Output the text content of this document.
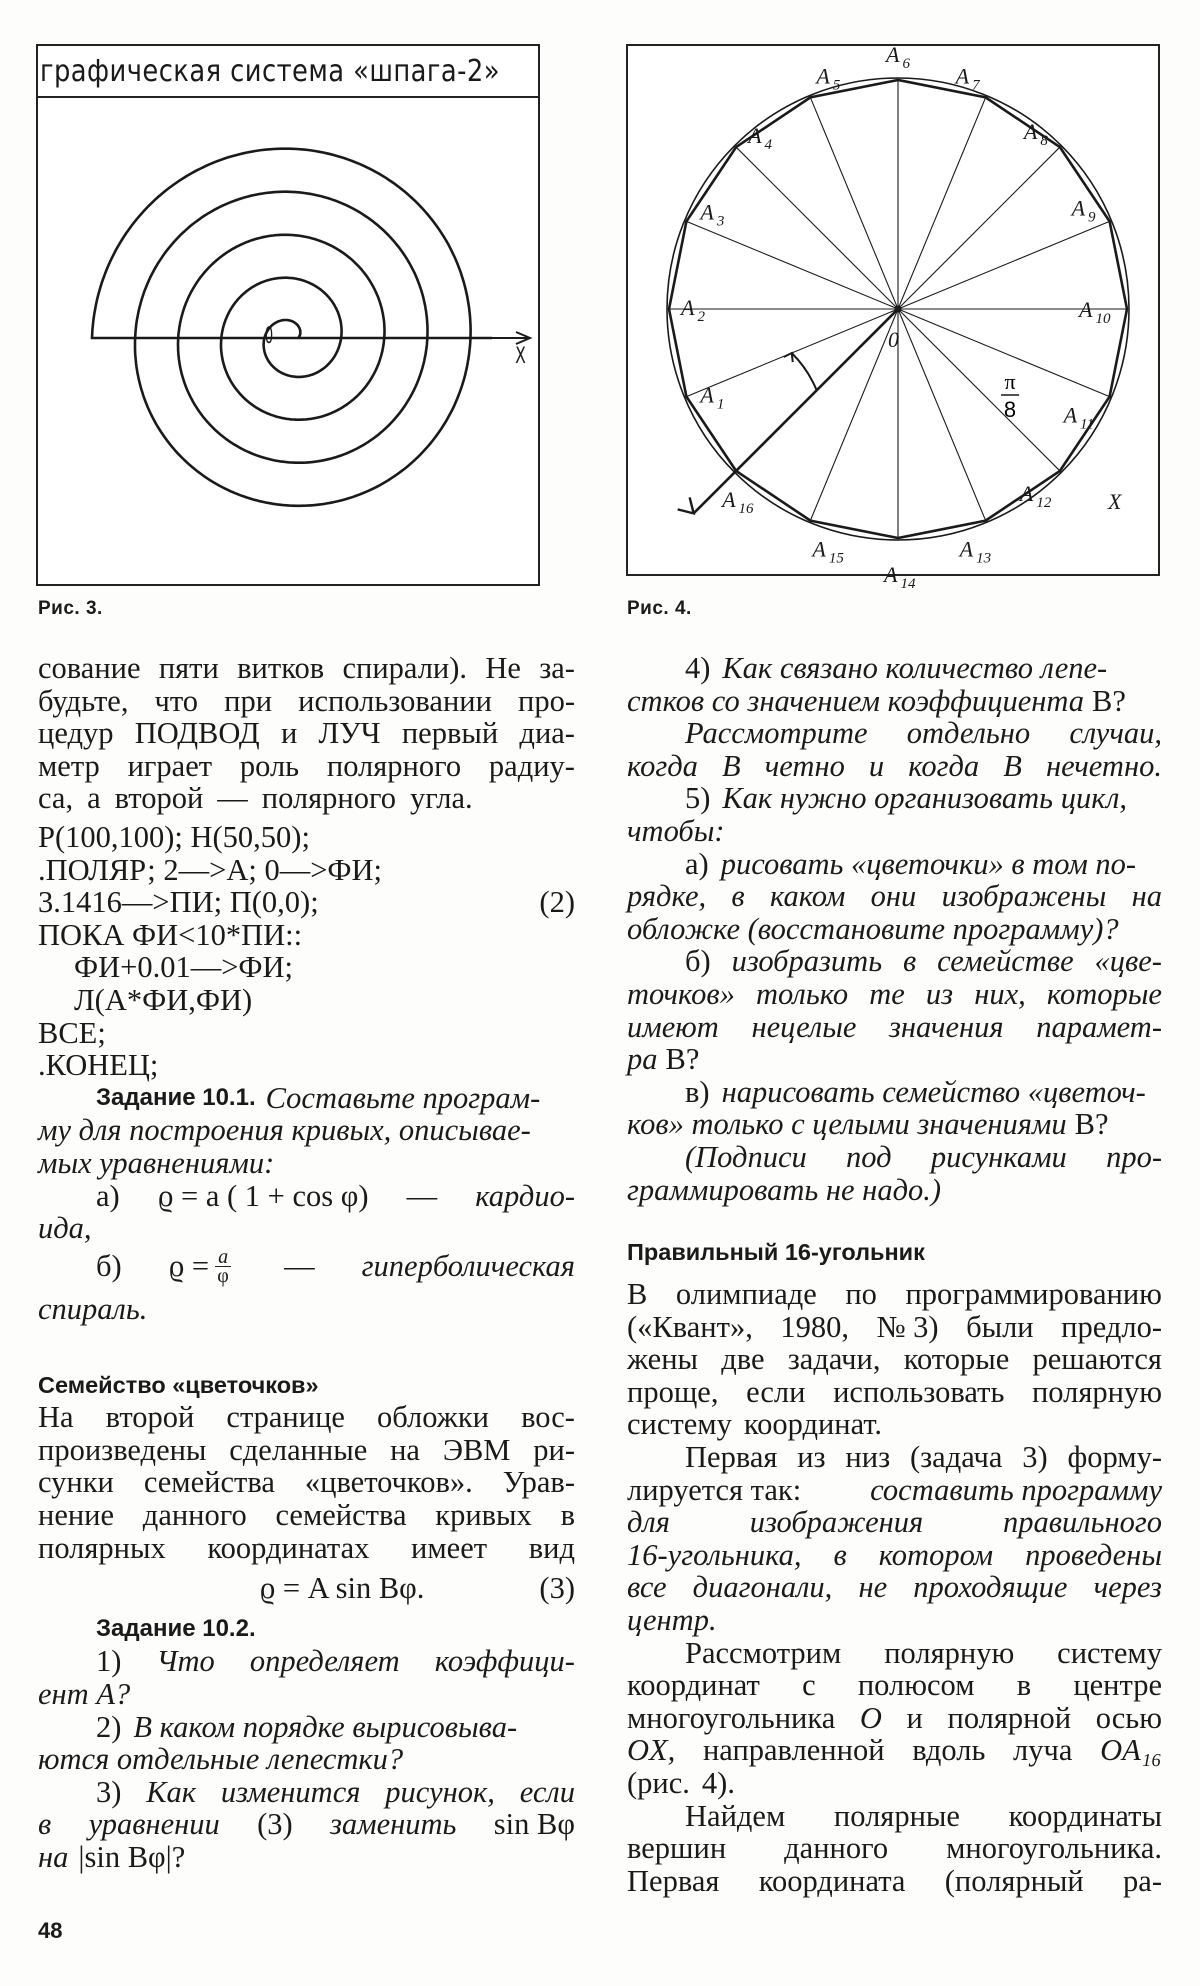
графическая система «шпага-2»
0
X
Рис. 3.
A $_1$
A $_2$
A $_3$
A $_4$
A $_5$
A $_6$ A $_7$
A $_8$
A $_9$
A $_{10}$
A $_{11}$
A $_{12}$
A $_{13}$
A $_{14}$
A $_{15}$
A $_{16}$
0
X
π
8
Рис. 4.
сование пяти витков спирали). Не за-
будьте, что при использовании про-
цедур ПОДВОД и ЛУЧ первый диа-
метр играет роль полярного радиу-
са, а второй — полярного угла.
Р(100,100); Н(50,50);
.ПОЛЯР; 2—>А; 0—>ФИ;
3.1416—>ПИ; П(0,0);	(2)
ПОКА ФИ<10*ПИ::
ФИ+0.01—>ФИ;
Л(А*ФИ,ФИ)
ВСЕ;
.КОНЕЦ;
Задание 10.1. Составьте програм-
му для построения кривых, описывае-
мых уравнениями:
а) ϱ = a ( 1 + cos φ) — кардио-
ида,
б) $ϱ = \frac{a}{\varphi}$ — гиперболическая
спираль.
Семейство «цветочков»
На второй странице обложки вос-
произведены сделанные на ЭВМ ри-
сунки семейства «цветочков». Урав-
нение данного семейства кривых в
полярных координатах имеет вид
ϱ = A sin Bφ.	(3)
Задание 10.2.
1) Что определяет коэффици-
ент А?
2) В каком порядке вырисовыва-
ются отдельные лепестки?
3) Как изменится рисунок, если
в уравнении (3) заменить sin Bφ
на |sin Bφ|?
48
4) Как связано количество лепе-
стков со значением коэффициента В?
Рассмотрите отдельно случаи,
когда В четно и когда В нечетно.
5) Как нужно организовать цикл,
чтобы:
а) рисовать «цветочки» в том по-
рядке, в каком они изображены на
обложке (восстановите программу)?
б) изобразить в семействе «цве-
точков» только те из них, которые
имеют нецелые значения парамет-
ра В?
в) нарисовать семейство «цветоч-
ков» только с целыми значениями В?
(Подписи под рисунками про-
граммировать не надо.)
Правильный 16-угольник
В олимпиаде по программированию
(«Квант», 1980, № 3) были предло-
жены две задачи, которые решаются
проще, если использовать полярную
систему координат.
Первая из низ (задача 3) форму-
лируется так: составить программу
для	изображения	правильного
16-угольника, в котором проведены
все диагонали, не проходящие через
центр.
Рассмотрим полярную систему
координат с полюсом в центре
многоугольника O и полярной осью
OX, направленной вдоль луча OA₁₆
(рис. 4).
Найдем полярные координаты
вершин данного многоугольника.
Первая координата (полярный ра-
